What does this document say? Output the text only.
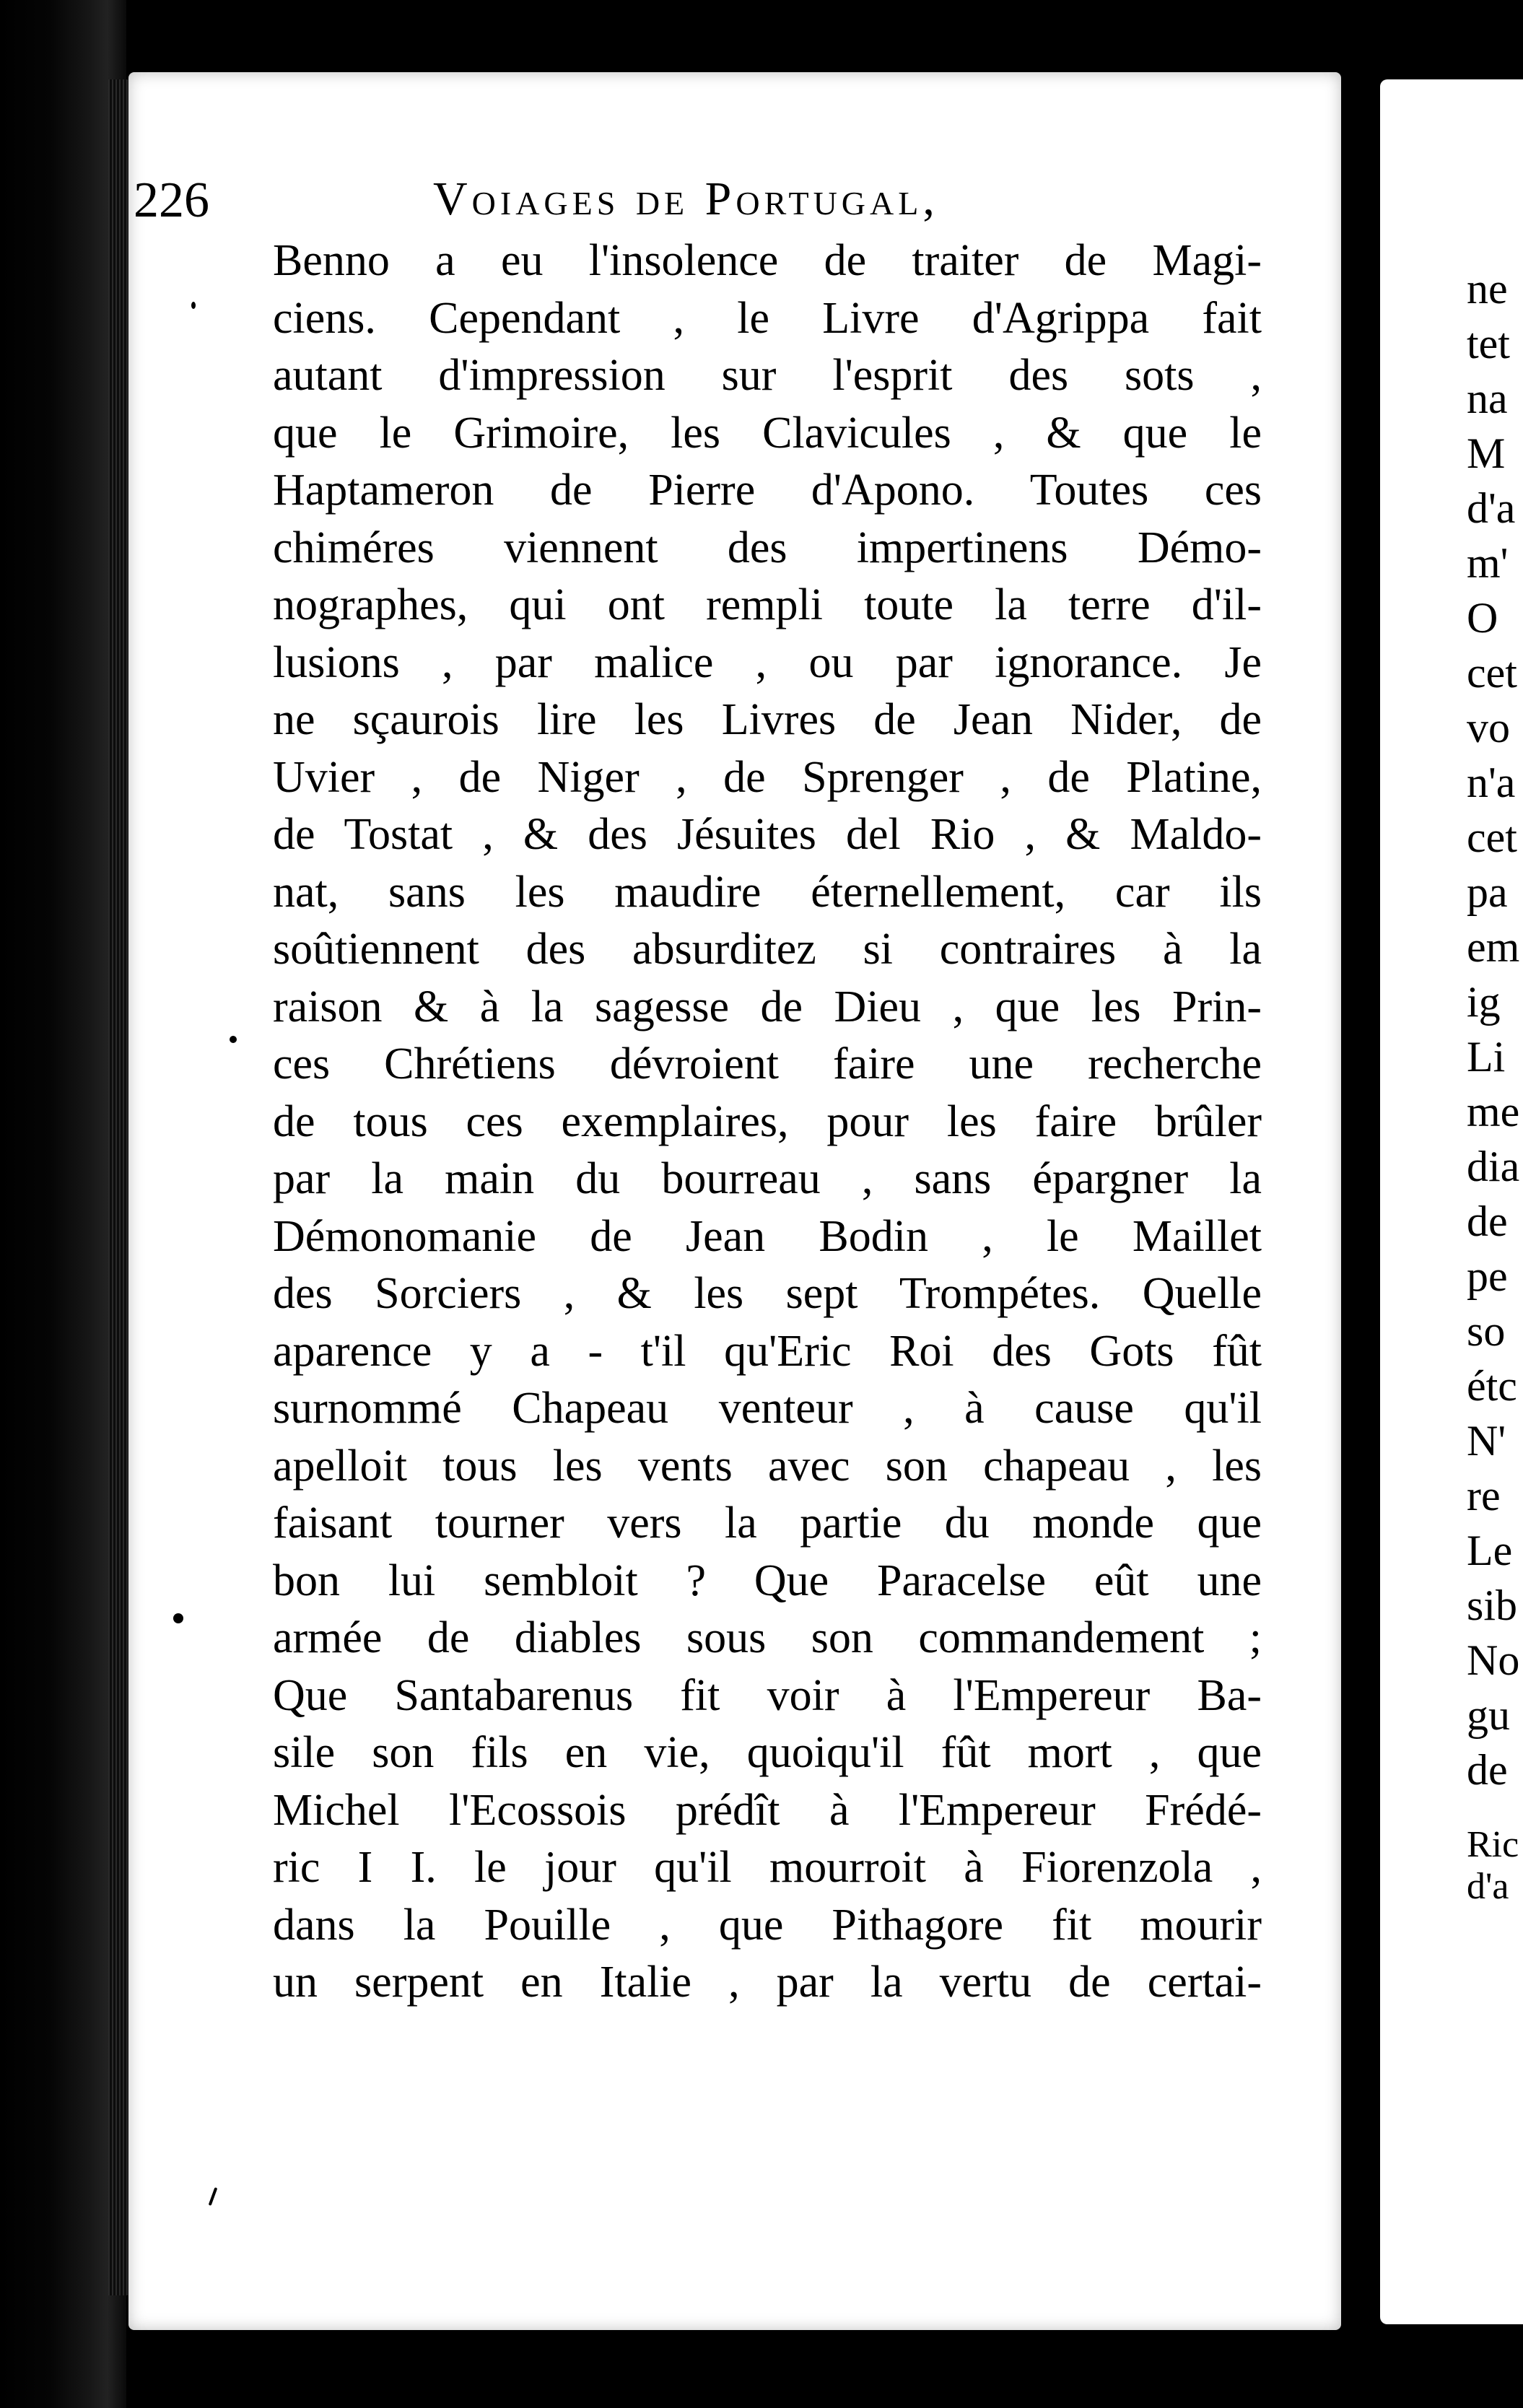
226	Voiages de Portugal,
Benno a eu l'insolence de traiter de Magi-
ciens. Cependant , le Livre d'Agrippa fait
autant d'impression sur l'esprit des sots ,
que le Grimoire, les Clavicules , & que le
Haptameron de Pierre d'Apono. Toutes ces
chiméres viennent des impertinens Démo-
nographes, qui ont rempli toute la terre d'il-
lusions , par malice , ou par ignorance. Je
ne sçaurois lire les Livres de Jean Nider, de
Uvier , de Niger , de Sprenger , de Platine,
de Tostat , & des Jésuites del Rio , & Maldo-
nat, sans les maudire éternellement, car ils
soûtiennent des absurditez si contraires à la
raison & à la sagesse de Dieu , que les Prin-
ces Chrétiens dévroient faire une recherche
de tous ces exemplaires, pour les faire brûler
par la main du bourreau , sans épargner la
Démonomanie de Jean Bodin , le Maillet
des Sorciers , & les sept Trompétes. Quelle
aparence y a - t'il qu'Eric Roi des Gots fût
surnommé Chapeau venteur , à cause qu'il
apelloit tous les vents avec son chapeau , les
faisant tourner vers la partie du monde que
bon lui sembloit ? Que Paracelse eût une
armée de diables sous son commandement ;
Que Santabarenus fit voir à l'Empereur Ba-
sile son fils en vie, quoiqu'il fût mort , que
Michel l'Ecossois prédît à l'Empereur Frédé-
ric I I. le jour qu'il mourroit à Fiorenzola ,
dans la Pouille , que Pithagore fit mourir
un serpent en Italie , par la vertu de certai-
ne
tet
na
M
d'a
m'
O
cet
vo
n'a
cet
pa
em
ig
Li
me
dia
de
pe
so
étc
N'
re
Le
sib
No
gu
de
Ric
d'a
